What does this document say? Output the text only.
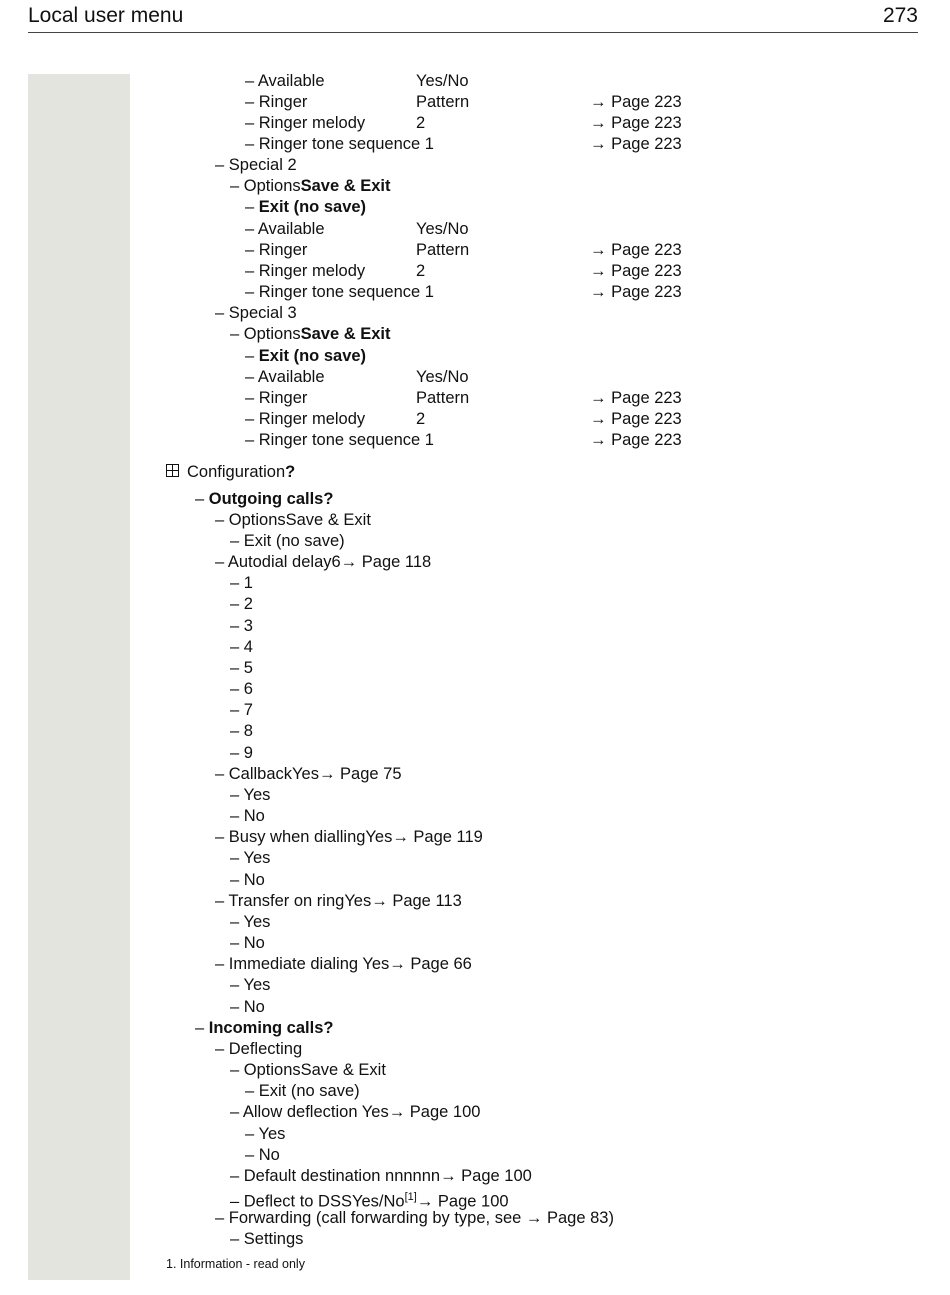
Local user menu	273
– Available	Yes/No
– Ringer	Pattern	→ Page 223
– Ringer melody	2	→ Page 223
– Ringer tone sequence 1	→ Page 223
– Special 2
– OptionsSave & Exit
– Exit (no save)
– Available	Yes/No
– Ringer	Pattern	→ Page 223
– Ringer melody	2	→ Page 223
– Ringer tone sequence 1	→ Page 223
– Special 3
– OptionsSave & Exit
– Exit (no save)
– Available	Yes/No
– Ringer	Pattern	→ Page 223
– Ringer melody	2	→ Page 223
– Ringer tone sequence 1	→ Page 223
Configuration?
– Outgoing calls?
– OptionsSave & Exit
– Exit (no save)
– Autodial delay6→ Page 118
– 1
– 2
– 3
– 4
– 5
– 6
– 7
– 8
– 9
– CallbackYes→ Page 75
– Yes
– No
– Busy when diallingYes→ Page 119
– Yes
– No
– Transfer on ringYes→ Page 113
– Yes
– No
– Immediate dialing Yes→ Page 66
– Yes
– No
– Incoming calls?
– Deflecting
– OptionsSave & Exit
– Exit (no save)
– Allow deflection Yes→ Page 100
– Yes
– No
– Default destination nnnnnn→ Page 100
– Deflect to DSSYes/No[1]→ Page 100
– Forwarding (call forwarding by type, see → Page 83)
– Settings
1. Information - read only
